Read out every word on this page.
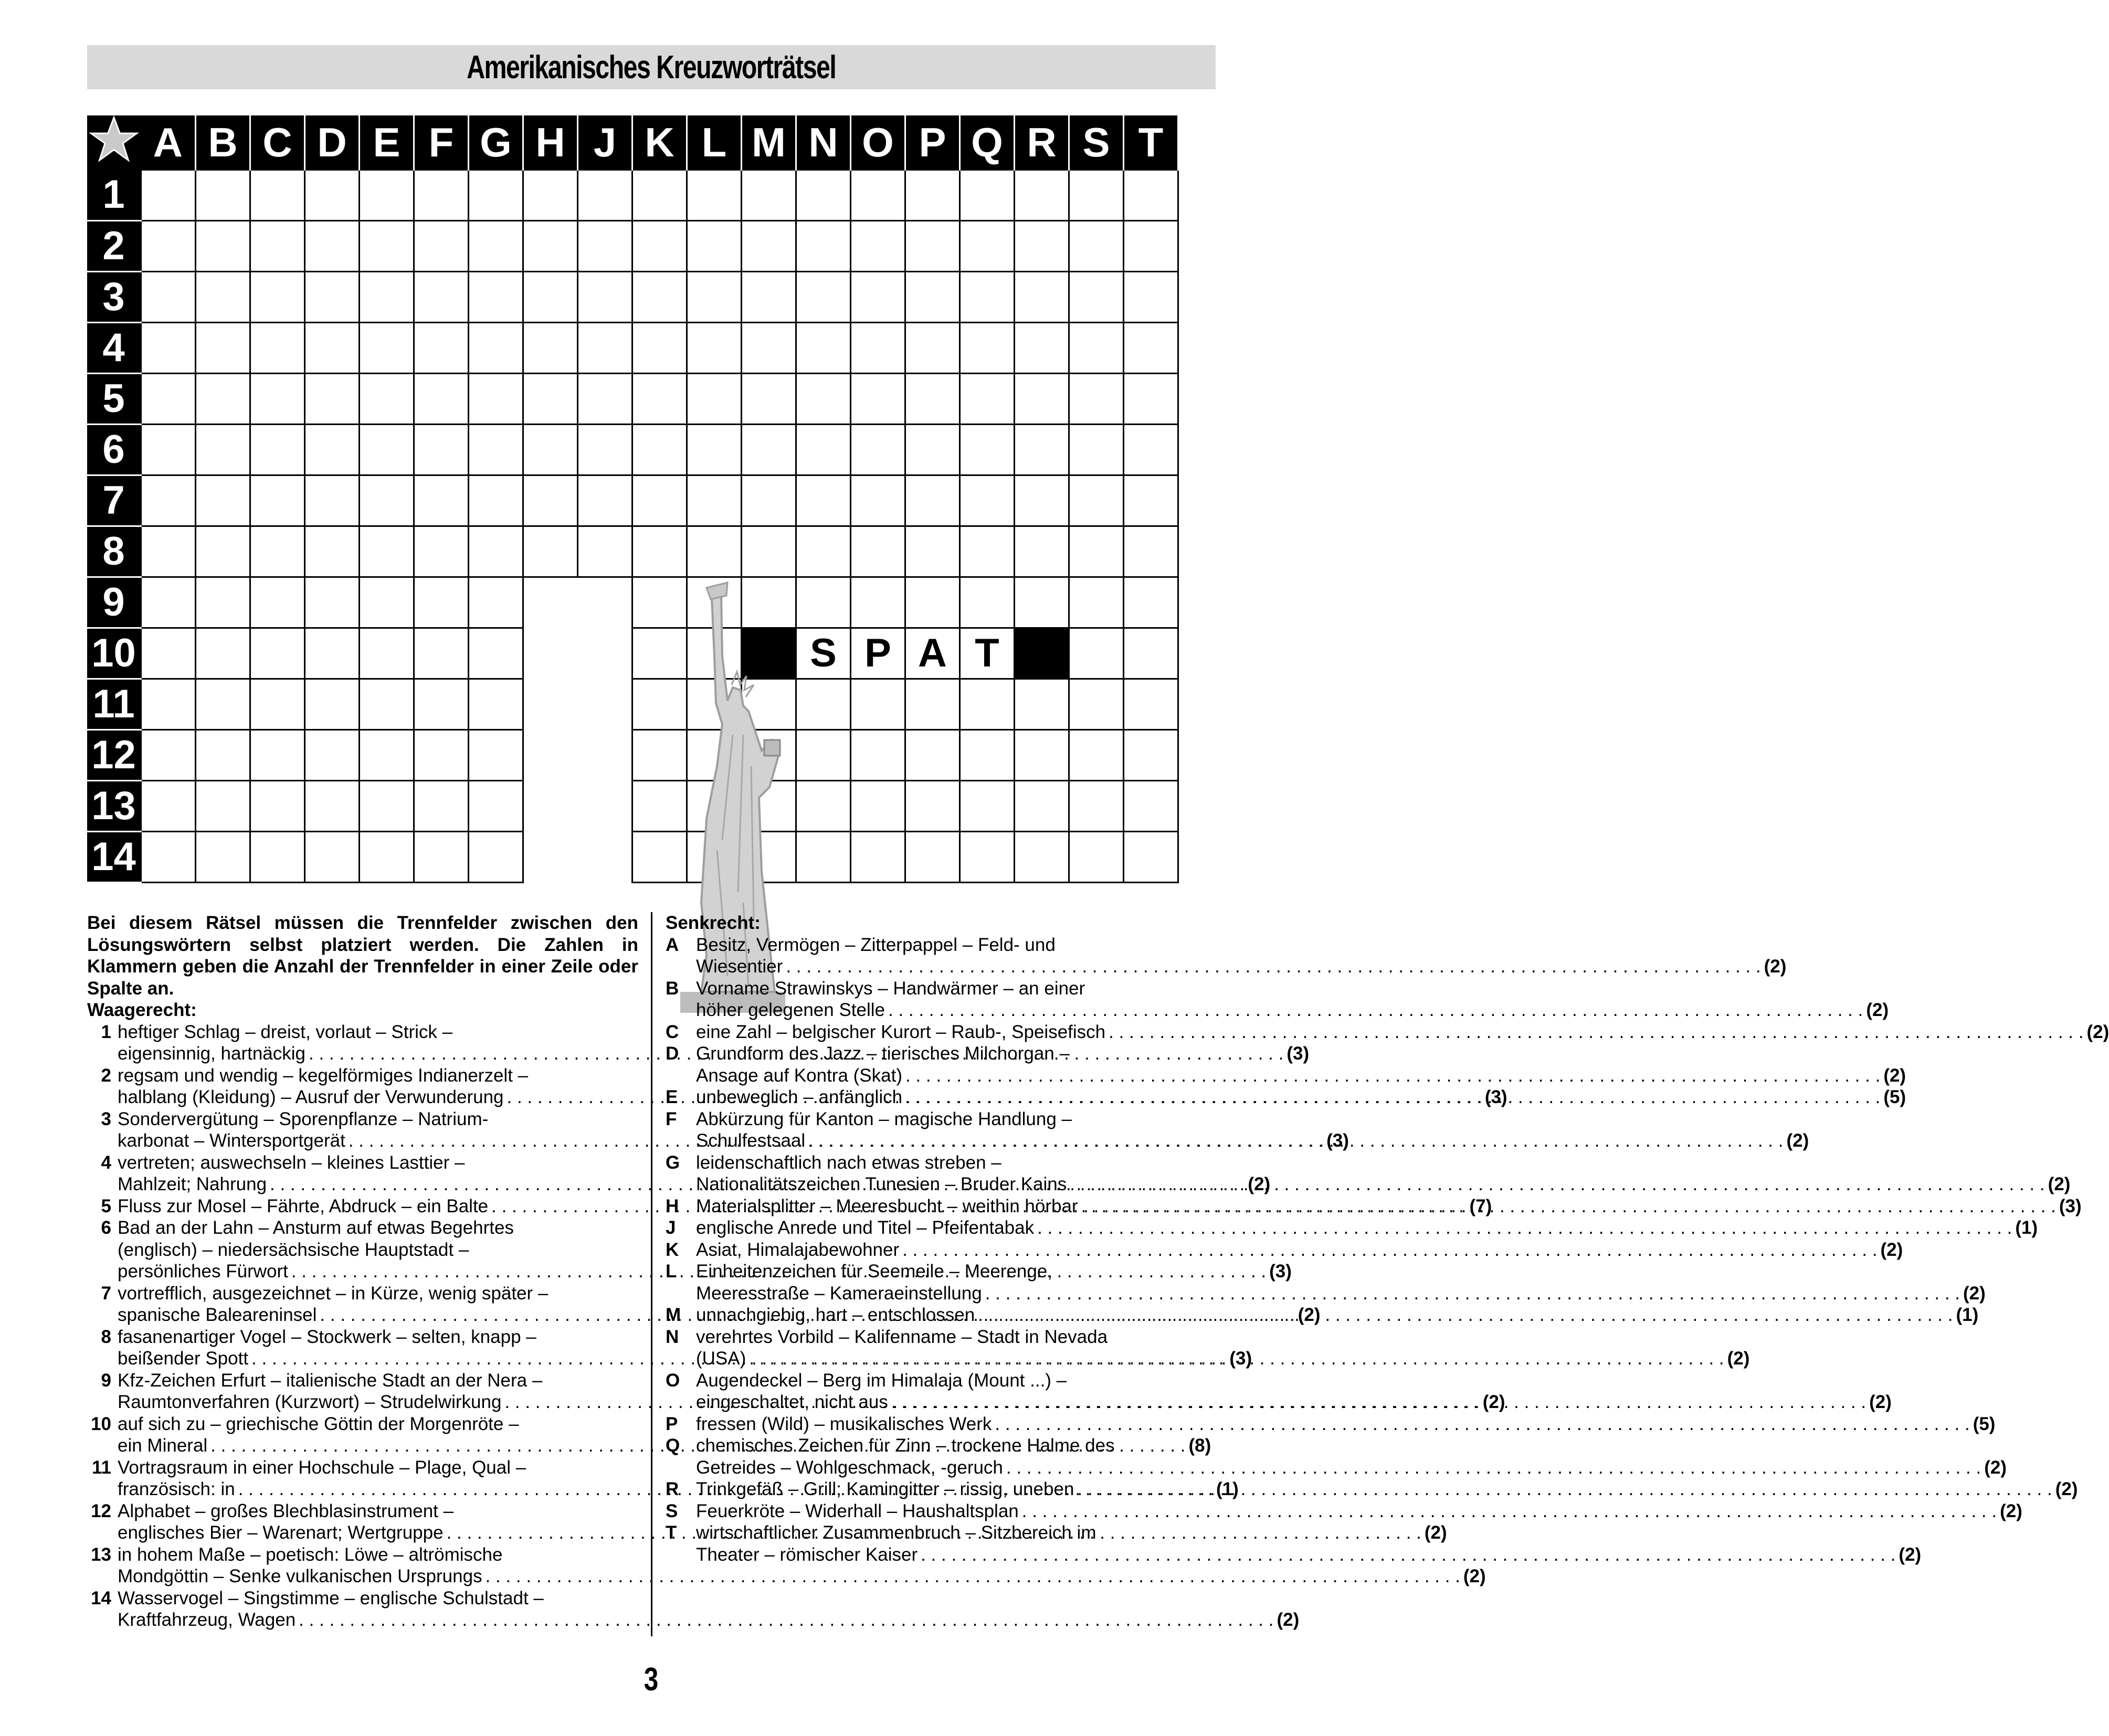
Amerikanisches Kreuzworträtsel
	A	B	C	D	E	F	G	H	J	K	L	M	N	O	P	Q	R	S	T
1																			
2																			
3																			
4																			
5																			
6																			
7																			
8																			
9																			
10													S	P	A	T			
11																			
12																			
13																			
14																			
Bei diesem Rätsel müssen die Trennfelder zwischen den Lösungswörtern selbst platziert werden. Die Zahlen in Klammern geben die Anzahl der Trennfelder in einer Zeile oder Spalte an.
Waagerecht:
1 heftiger Schlag – dreist, vorlaut – Strick –
eigensinnig, hartnäckig . . .	(3)
2 regsam und wendig – kegelförmiges Indianerzelt –
halblang (Kleidung) – Ausruf der Verwunderung . . .	(3)
3 Sondervergütung – Sporenpflanze – Natrium-
karbonat – Wintersportgerät . . .	(3)
4 vertreten; auswechseln – kleines Lasttier –
Mahlzeit; Nahrung . . .	(2)
5 Fluss zur Mosel – Fährte, Abdruck – ein Balte . . .	(7)
6 Bad an der Lahn – Ansturm auf etwas Begehrtes
(englisch) – niedersächsische Hauptstadt –
persönliches Fürwort . . .	(3)
7 vortrefflich, ausgezeichnet – in Kürze, wenig später –
spanische Baleareninsel . . .	(2)
8 fasanenartiger Vogel – Stockwerk – selten, knapp –
beißender Spott . . .	(3)
9 Kfz-Zeichen Erfurt – italienische Stadt an der Nera –
Raumtonverfahren (Kurzwort) – Strudelwirkung . . .	(2)
10 auf sich zu – griechische Göttin der Morgenröte –
ein Mineral . . .	(8)
11 Vortragsraum in einer Hochschule – Plage, Qual –
französisch: in . . .	(1)
12 Alphabet – großes Blechblasinstrument –
englisches Bier – Warenart; Wertgruppe . . .	(2)
13 in hohem Maße – poetisch: Löwe – altrömische
Mondgöttin – Senke vulkanischen Ursprungs . . .	(2)
14 Wasservogel – Singstimme – englische Schulstadt –
Kraftfahrzeug, Wagen . . .	(2)
Senkrecht:
A Besitz, Vermögen – Zitterpappel – Feld- und
Wiesentier . . .	(2)
B Vorname Strawinskys – Handwärmer – an einer
höher gelegenen Stelle . . .	(2)
C eine Zahl – belgischer Kurort – Raub-, Speisefisch . . .	(2)
D Grundform des Jazz – tierisches Milchorgan –
Ansage auf Kontra (Skat) . . .	(2)
E unbeweglich – anfänglich . . .	(5)
F	Abkürzung für Kanton – magische Handlung –
Schulfestsaal . . .	(2)
G leidenschaftlich nach etwas streben –
Nationalitätszeichen Tunesien – Bruder Kains . . .	(2)
H Materialsplitter – Meeresbucht – weithin hörbar . . .	(3)
J	englische Anrede und Titel – Pfeifentabak . . .	(1)
K Asiat, Himalajabewohner . . .	(2)
L	Einheitenzeichen für Seemeile – Meerenge,
Meeresstraße – Kameraeinstellung . . .	(2)
M unnachgiebig, hart – entschlossen . . .	(1)
N verehrtes Vorbild – Kalifenname – Stadt in Nevada
(USA) . . .	(2)
O Augendeckel – Berg im Himalaja (Mount ...) –
eingeschaltet, nicht aus . . .	(2)
P fressen (Wild) – musikalisches Werk . . .	(5)
Q chemisches Zeichen für Zinn – trockene Halme des
Getreides – Wohlgeschmack, -geruch . . .	(2)
R Trinkgefäß – Grill; Kamingitter – rissig, uneben . . .	(2)
S Feuerkröte – Widerhall – Haushaltsplan . . .	(2)
T	wirtschaftlicher Zusammenbruch – Sitzbereich im
Theater – römischer Kaiser . . .	(2)
3
